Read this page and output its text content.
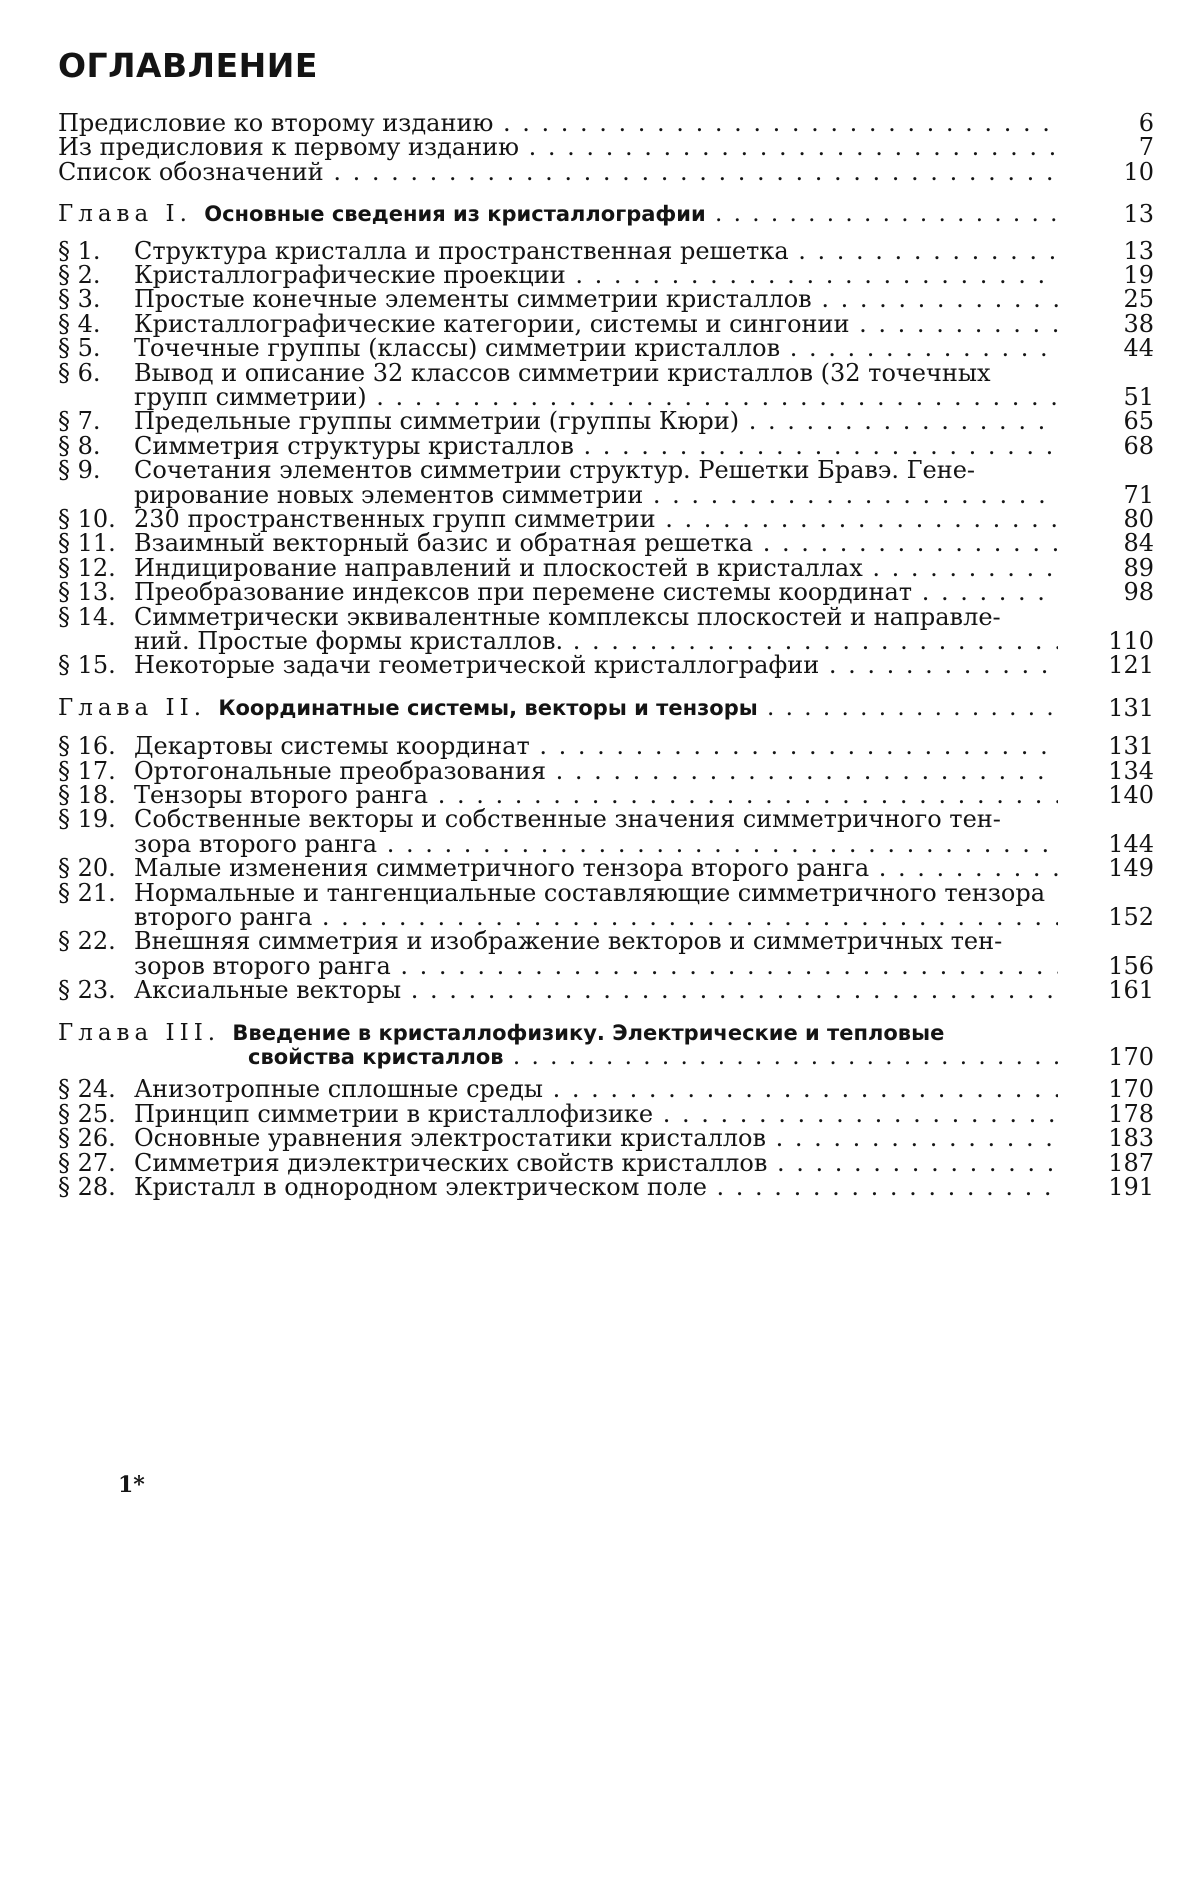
ОГЛАВЛЕНИЕ
Предисловие ко второму изданию . . .	6
Из предисловия к первому изданию . . .	7
Список обозначений . . .	10
Глава I. Основные сведения из кристаллографии . . .	13
§ 1. Структура кристалла и пространственная решетка . . .	13
§ 2. Кристаллографические проекции . . .	19
§ 3. Простые конечные элементы симметрии кристаллов . . .	25
§ 4. Кристаллографические категории, системы и сингонии . . .	38
§ 5. Точечные группы (классы) симметрии кристаллов . . .	44
§ 6. Вывод и описание 32 классов симметрии кристаллов (32 точечных
групп симметрии) . . .	51
§ 7. Предельные группы симметрии (группы Кюри) . . .	65
§ 8. Симметрия структуры кристаллов . . .	68
§ 9. Сочетания элементов симметрии структур. Решетки Бравэ. Гене-
рирование новых элементов симметрии . . .	71
§ 10. 230 пространственных групп симметрии . . .	80
§ 11. Взаимный векторный базис и обратная решетка . . .	84
§ 12. Индицирование направлений и плоскостей в кристаллах . . .	89
§ 13. Преобразование индексов при перемене системы координат . . .	98
§ 14. Симметрически эквивалентные комплексы плоскостей и направле-
ний. Простые формы кристаллов. . . .	110
§ 15. Некоторые задачи геометрической кристаллографии . . .	121
Глава II. Координатные системы, векторы и тензоры . . .	131
§ 16. Декартовы системы координат . . .	131
§ 17. Ортогональные преобразования . . .	134
§ 18. Тензоры второго ранга . . .	140
§ 19. Собственные векторы и собственные значения симметричного тен-
зора второго ранга . . .	144
§ 20. Малые изменения симметричного тензора второго ранга . . .	149
§ 21. Нормальные и тангенциальные составляющие симметричного тензора
второго ранга . . .	152
§ 22. Внешняя симметрия и изображение векторов и симметричных тен-
зоров второго ранга . . .	156
§ 23. Аксиальные векторы . . .	161
Глава III. Введение в кристаллофизику. Электрические и тепловые
свойства кристаллов . . .	170
§ 24. Анизотропные сплошные среды . . .	170
§ 25. Принцип симметрии в кристаллофизике . . .	178
§ 26. Основные уравнения электростатики кристаллов . . .	183
§ 27. Симметрия диэлектрических свойств кристаллов . . .	187
§ 28. Кристалл в однородном электрическом поле . . .	191
1*
